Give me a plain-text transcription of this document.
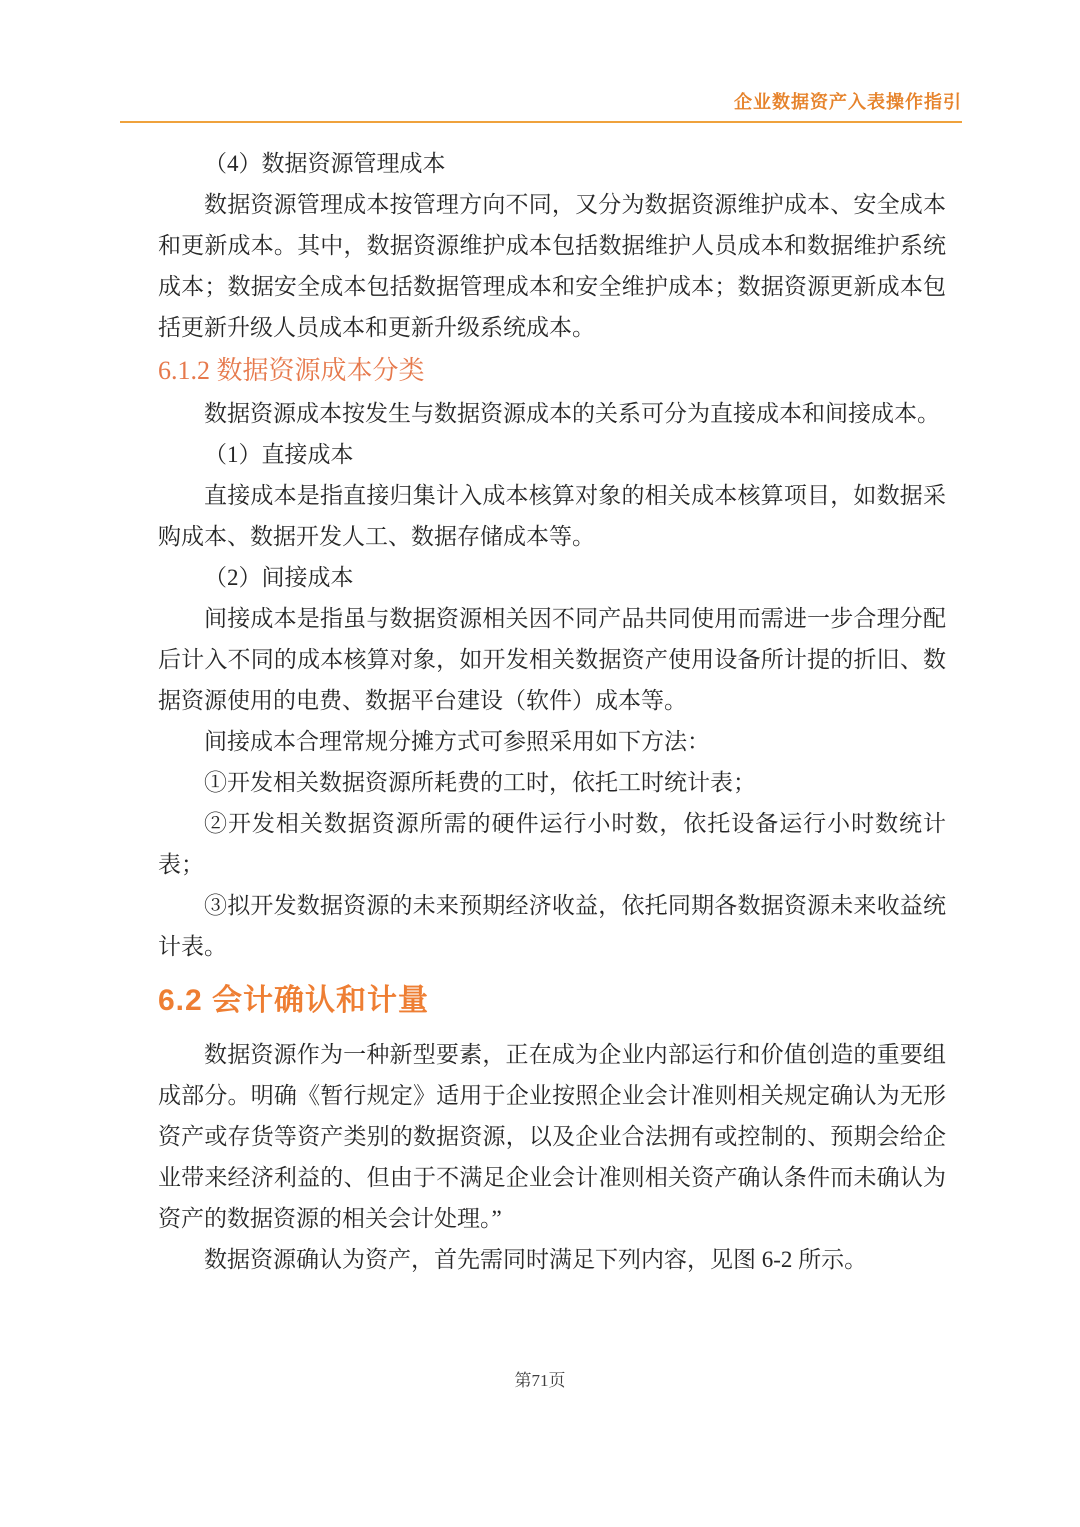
企业数据资产入表操作指引

（4）数据资源管理成本

数据资源管理成本按管理方向不同，又分为数据资源维护成本、安全成本和更新成本。其中，数据资源维护成本包括数据维护人员成本和数据维护系统成本；数据安全成本包括数据管理成本和安全维护成本；数据资源更新成本包括更新升级人员成本和更新升级系统成本。

6.1.2 数据资源成本分类

数据资源成本按发生与数据资源成本的关系可分为直接成本和间接成本。

（1）直接成本

直接成本是指直接归集计入成本核算对象的相关成本核算项目，如数据采购成本、数据开发人工、数据存储成本等。

（2）间接成本

间接成本是指虽与数据资源相关因不同产品共同使用而需进一步合理分配后计入不同的成本核算对象，如开发相关数据资产使用设备所计提的折旧、数据资源使用的电费、数据平台建设（软件）成本等。

间接成本合理常规分摊方式可参照采用如下方法：

①开发相关数据资源所耗费的工时，依托工时统计表；

②开发相关数据资源所需的硬件运行小时数，依托设备运行小时数统计表；

③拟开发数据资源的未来预期经济收益，依托同期各数据资源未来收益统计表。

6.2 会计确认和计量

数据资源作为一种新型要素，正在成为企业内部运行和价值创造的重要组成部分。明确《暂行规定》适用于企业按照企业会计准则相关规定确认为无形资产或存货等资产类别的数据资源，以及企业合法拥有或控制的、预期会给企业带来经济利益的、但由于不满足企业会计准则相关资产确认条件而未确认为资产的数据资源的相关会计处理。”

数据资源确认为资产，首先需同时满足下列内容，见图 6-2 所示。

第71页
